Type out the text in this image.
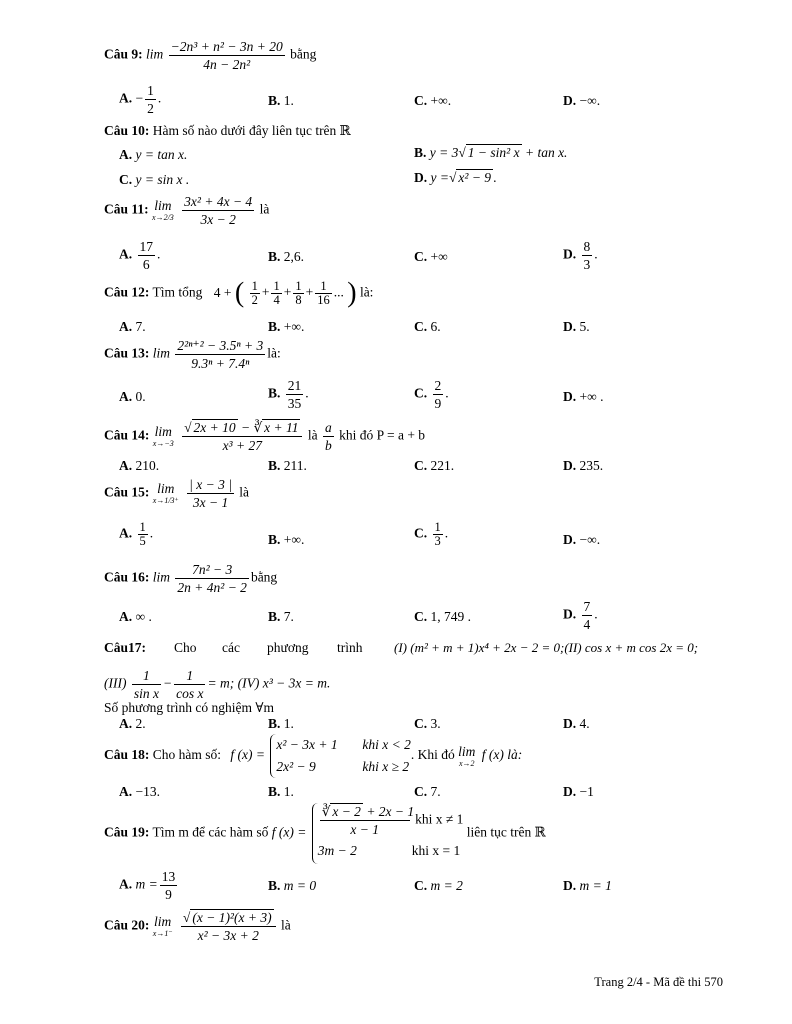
Câu 9: $\lim \frac{\text{−2n³ + n² − 3n + 20}}{\text{4n − 2n²}}$ bằng
A. − $\frac{1}{2}$ .	B. 1.	C. +∞.	D. −∞.
Câu 10: Hàm số nào dưới đây liên tục trên ℝ
A. y = tan x.	B. y = 3√ 1 − sin² x + tan x.
C. y = sin x .	D. y =√ x² − 9 .
Câu 11: lim
x→2/3
$\frac{\text{3x² + 4x − 4}}{3x - 2}$ là
A. $\frac{17}{6}$ .	B. 2,6.	C. +∞	D. $\frac{8}{3}$ .
Câu 12: Tìm tổng 4 + ( $\frac{1}{2} + \frac{1}{4} + \frac{1}{8} + \frac{1}{16}$ ... ) là:
A. 7.	B. +∞.	C. 6.	D. 5.
Câu 13: $\lim \frac{\text{2²ⁿ⁺² − 3.5ⁿ + 3}}{\text{9.3ⁿ + 7.4ⁿ}}$ là:
A. 0.	B. $\frac{21}{35}$ .	C. $\frac{2}{9}$ .	D. +∞ .
Câu 14: lim
x→−3
$\frac{√ 2x + 10 - ∛ x + 11}{\text{x³ + 27}}$ là $\frac{a}{b}$ khi đó P = a + b
A. 210.	B. 211.	C. 221.	D. 235.
Câu 15: lim
x→1/3⁺
$\frac{| x - 3 |}{3x - 1}$ là
A. $\frac{1}{5}$ .	B. +∞.	C. $\frac{1}{3}$ .	D. −∞.
Câu 16: $\lim \frac{\text{7n² − 3}}{\text{2n + 4n² − 2}}$ bằng
A. ∞ .	B. 7.	C. 1, 749 .	D. $\frac{7}{4}$ .
Câu17: Cho các phương trình (I) (m² + m + 1)x⁴ + 2x − 2 = 0;(II) cos x + m cos 2x = 0;
$(III) \frac{1}{\text{sin x}} - \frac{1}{\text{cos x}} = m$; (IV) x³ − 3x = m.
Số phương trình có nghiệm ∀m
A. 2.	B. 1.	C. 3.	D. 4.
Câu 18: Cho hàm số: f (x) =
x² − 3x + 1 khi x < 2
2x² − 9	khi x ≥ 2
. Khi đó lim
x→2
f (x) là:
A. −13.	B. 1.	C. 7.	D. −1
Câu 19: Tìm m để các hàm số f $(x) = \frac{∛ x - 2 + 2x - 1}{x - 1}$ khi x ≠ 1
3m − 2	khi x = 1
liên tục trên ℝ
A. $m = \frac{13}{9}$	B. m = 0	C. m = 2	D. m = 1
Câu 20: lim
x→1⁻
$\frac{\text{√ (x − 1)²(x + 3)}}{\text{x² − 3x + 2}}$ là
Trang 2/4 - Mã đề thi 570
